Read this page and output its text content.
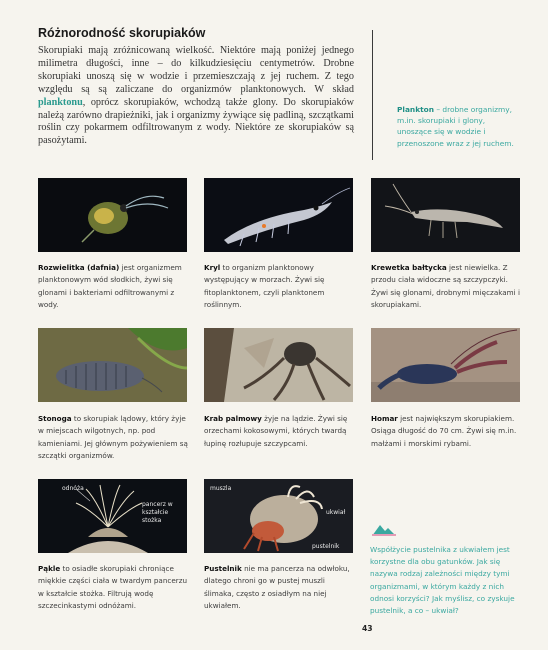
Różnorodność skorupiaków
Skorupiaki mają zróżnicowaną wielkość. Niektóre mają poniżej jednego milimetra długości, inne – do kilkudziesięciu centymetrów. Drobne skorupiaki unoszą się w wodzie i przemieszczają z jej ruchem. Z tego względu są są zaliczane do organizmów planktonowych. W skład planktonu, oprócz skorupiaków, wchodzą także glony. Do skorupiaków należą zarówno drapieżniki, jak i organizmy żywiące się padliną, szczątkami roślin czy pokarmem odfiltrowanym z wody. Niektóre ze skorupiaków są pasożytami.
Plankton – drobne organizmy, m.in. skorupiaki i glony, unoszące się w wodzie i przenoszone wraz z jej ruchem.
Rozwielitka (dafnia) jest organizmem planktonowym wód słodkich, żywi się glonami i bakteriami odfiltrowanymi z wody.
Kryl to organizm planktonowy występujący w morzach. Żywi się fitoplanktonem, czyli planktonem roślinnym.
Krewetka bałtycka jest niewielka. Z przodu ciała widoczne są szczypczyki. Żywi się glonami, drobnymi mięczakami i skorupiakami.
Stonoga to skorupiak lądowy, który żyje w miejscach wilgotnych, np. pod kamieniami. Jej głównym pożywieniem są szczątki organizmów.
Krab palmowy żyje na lądzie. Żywi się orzechami kokosowymi, których twardą łupinę rozłupuje szczypcami.
Homar jest największym skorupiakiem. Osiąga długość do 70 cm. Żywi się m.in. małżami i morskimi rybami.
odnóża
pancerz w kształcie stożka
muszla
ukwiał
pustelnik
Pąkle to osiadłe skorupiaki chroniące miękkie części ciała w twardym pancerzu w kształcie stożka. Filtrują wodę szczecinkastymi odnóżami.
Pustelnik nie ma pancerza na odwłoku, dlatego chroni go w pustej muszli ślimaka, często z osiadłym na niej ukwiałem.
Współżycie pustelnika z ukwiałem jest korzystne dla obu gatunków. Jak się nazywa rodzaj zależności między tymi organizmami, w którym każdy z nich odnosi korzyści? Jak myślisz, co zyskuje pustelnik, a co – ukwiał?
43
